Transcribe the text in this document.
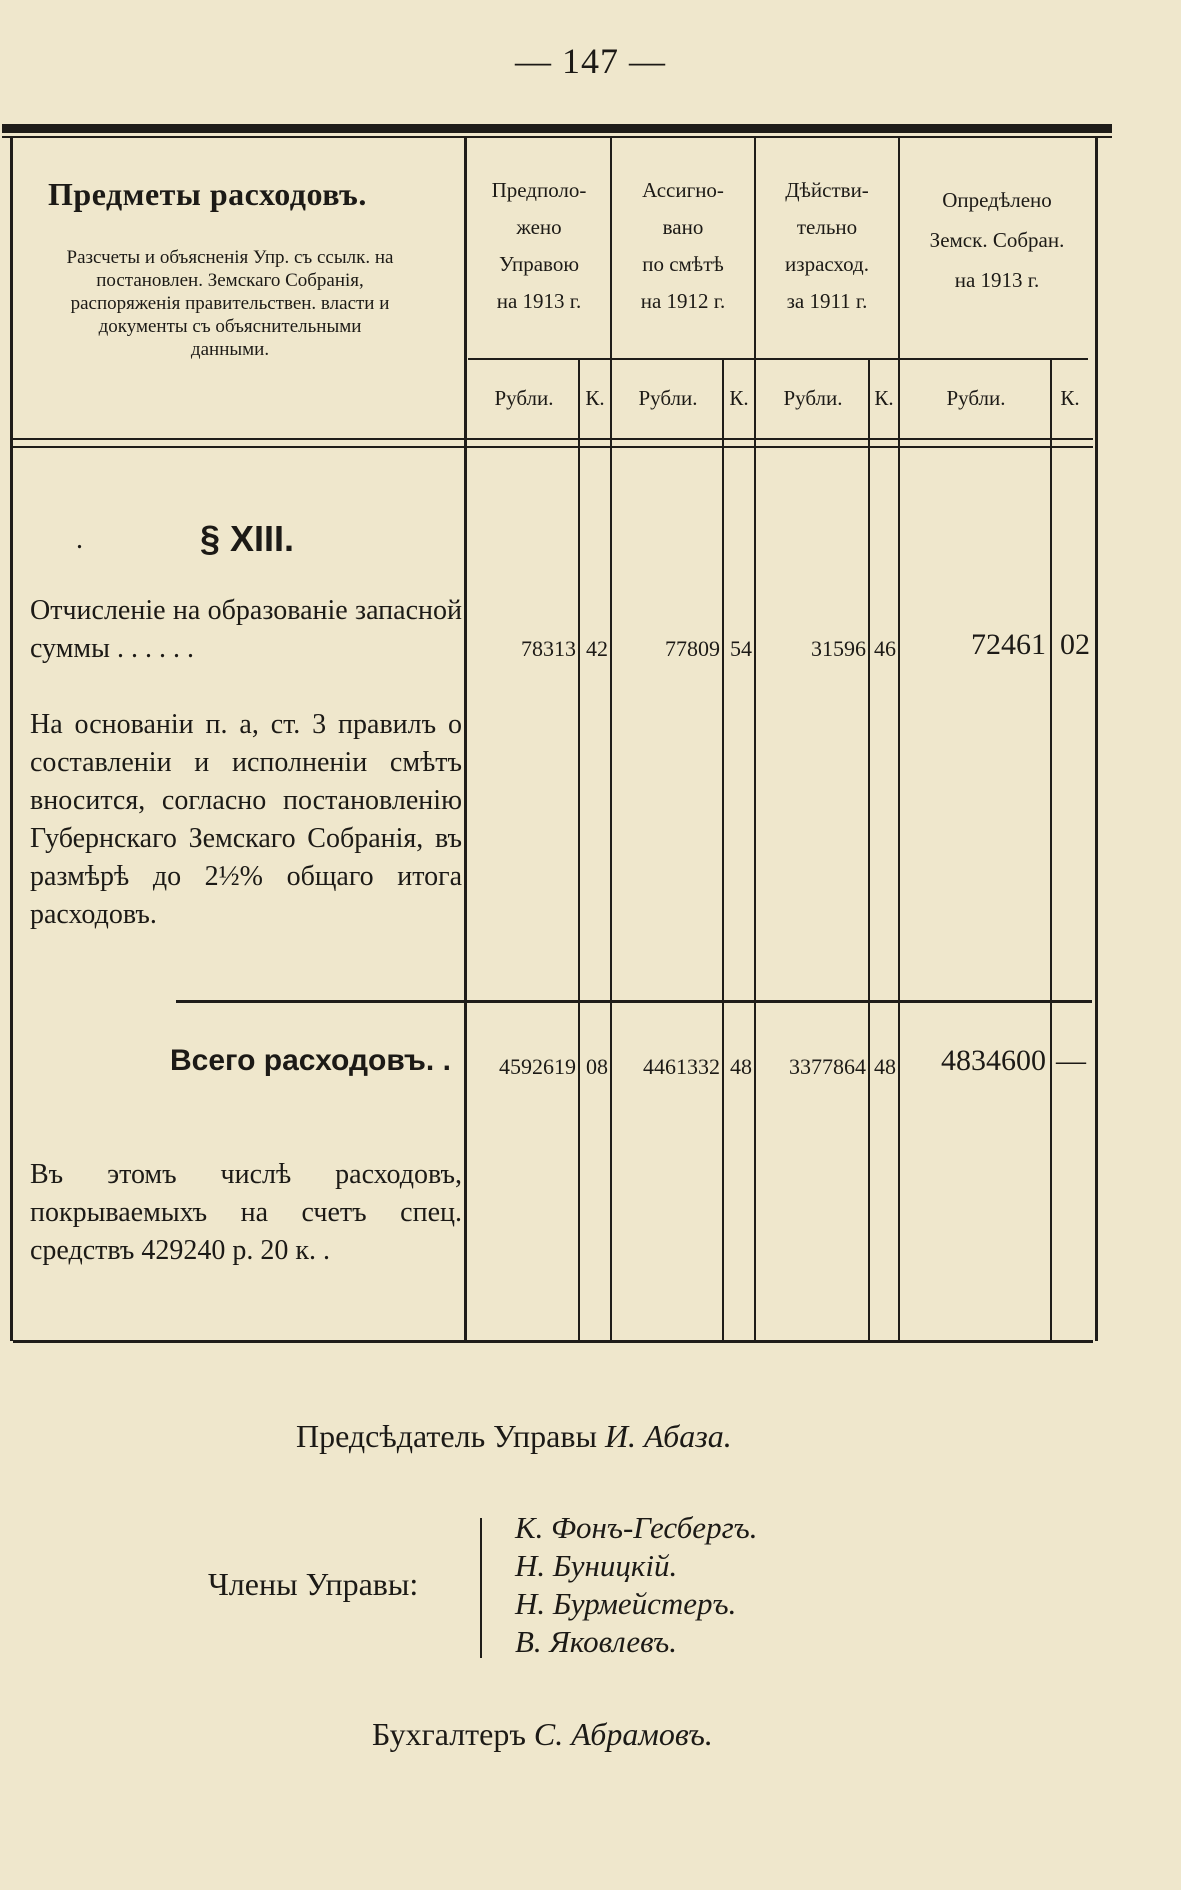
— 147 —
Предметы расходовъ.
Разсчеты и объясненія Упр. съ ссылк. на постановлен. Земскаго Собранія, распоряженія правительствен. власти и документы съ объяснительными данными.
Предполо-
жено
Управою
на 1913 г.
Ассигно-
вано
по смѣтѣ
на 1912 г.
Дѣйстви-
тельно
израсход.
за 1911 г.
Опредѣлено
Земск. Собран.
на 1913 г.
Рубли.	К.	Рубли.	К.	Рубли.	К.	Рубли.	К.
.	§ XIII.
Отчисленіе на образованіе запасной суммы . . . . . .
На основаніи п. а, ст. 3 правилъ о составленіи и исполненіи смѣтъ вносится, согласно постановленію Губернскаго Земскаго Собранія, въ размѣрѣ до 2½% общаго итога расходовъ.
78313 42	77809 54	31596 46	72461 02
Всего расходовъ. .	4592619 08	4461332 48	3377864 48	4834600 —
Въ этомъ числѣ расходовъ, покрываемыхъ на счетъ спец. средствъ 429240 р. 20 к. .
Предсѣдатель Управы И. Абаза.
Члены Управы:
К. Фонъ-Гесбергъ.
Н. Буницкій.
Н. Бурмейстеръ.
В. Яковлевъ.
Бухгалтеръ С. Абрамовъ.
